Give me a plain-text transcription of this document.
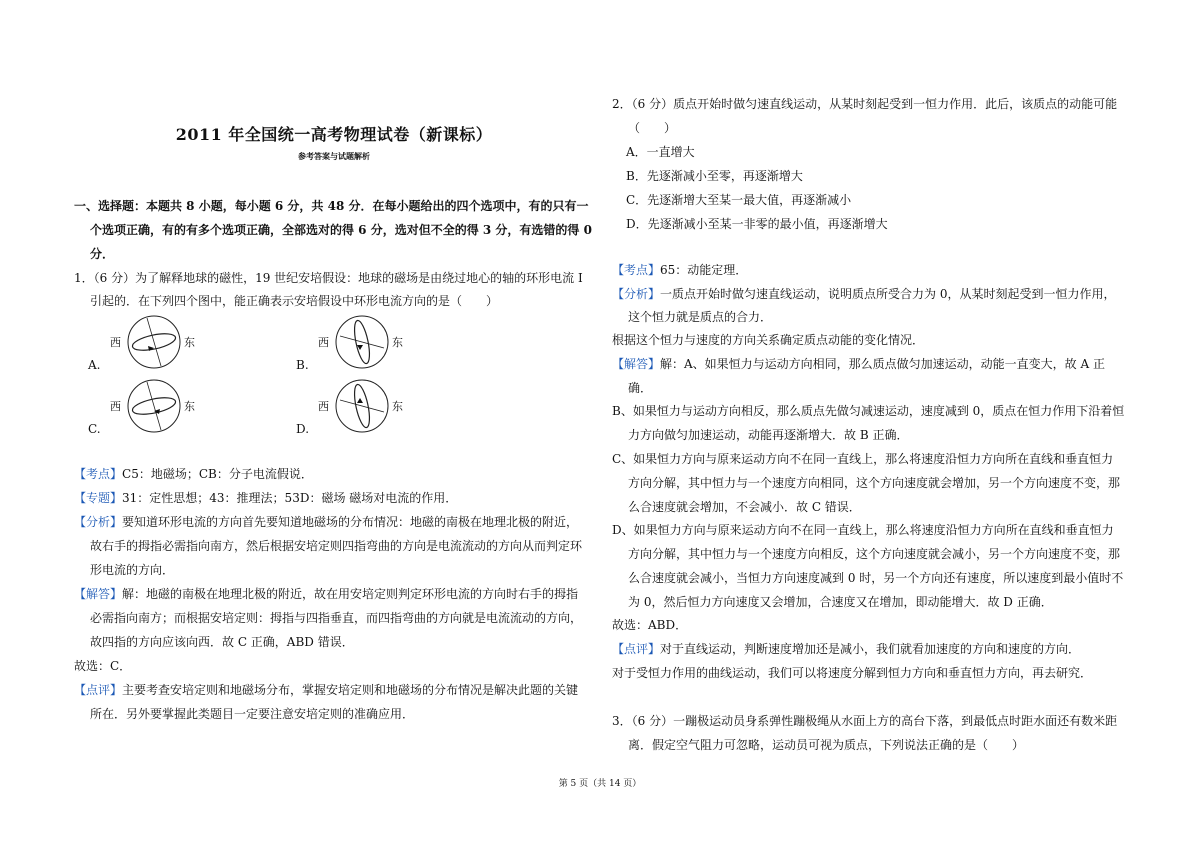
2011 年全国统一高考物理试卷（新课标）
参考答案与试题解析
一、选择题：本题共 8 小题，每小题 6 分，共 48 分．在每小题给出的四个选项中，有的只有一
个选项正确，有的有多个选项正确，全部选对的得 6 分，选对但不全的得 3 分，有选错的得 0
分．
1．（6 分）为了解释地球的磁性，19 世纪安培假设：地球的磁场是由绕过地心的轴的环形电流 I
引起的．在下列四个图中，能正确表示安培假设中环形电流方向的是（　　）
A.
西	东
B.
西	东
C.
西	东
D.
西	东
【考点】C5：地磁场；CB：分子电流假说．
【专题】31：定性思想；43：推理法；53D：磁场 磁场对电流的作用．
【分析】要知道环形电流的方向首先要知道地磁场的分布情况：地磁的南极在地理北极的附近，
故右手的拇指必需指向南方，然后根据安培定则四指弯曲的方向是电流流动的方向从而判定环
形电流的方向．
【解答】解：地磁的南极在地理北极的附近，故在用安培定则判定环形电流的方向时右手的拇指
必需指向南方；而根据安培定则：拇指与四指垂直，而四指弯曲的方向就是电流流动的方向，
故四指的方向应该向西．故 C 正确，ABD 错误．
故选：C．
【点评】主要考查安培定则和地磁场分布，掌握安培定则和地磁场的分布情况是解决此题的关键
所在．另外要掌握此类题目一定要注意安培定则的准确应用．
2．（6 分）质点开始时做匀速直线运动，从某时刻起受到一恒力作用．此后，该质点的动能可能
（　　）
A．一直增大
B．先逐渐减小至零，再逐渐增大
C．先逐渐增大至某一最大值，再逐渐减小
D．先逐渐减小至某一非零的最小值，再逐渐增大
【考点】65：动能定理．
【分析】一质点开始时做匀速直线运动，说明质点所受合力为 0，从某时刻起受到一恒力作用，
这个恒力就是质点的合力．
根据这个恒力与速度的方向关系确定质点动能的变化情况．
【解答】解：A、如果恒力与运动方向相同，那么质点做匀加速运动，动能一直变大，故 A 正
确．
B、如果恒力与运动方向相反，那么质点先做匀减速运动，速度减到 0，质点在恒力作用下沿着恒
力方向做匀加速运动，动能再逐渐增大．故 B 正确．
C、如果恒力方向与原来运动方向不在同一直线上，那么将速度沿恒力方向所在直线和垂直恒力
方向分解，其中恒力与一个速度方向相同，这个方向速度就会增加，另一个方向速度不变，那
么合速度就会增加，不会减小．故 C 错误．
D、如果恒力方向与原来运动方向不在同一直线上，那么将速度沿恒力方向所在直线和垂直恒力
方向分解，其中恒力与一个速度方向相反，这个方向速度就会减小，另一个方向速度不变，那
么合速度就会减小，当恒力方向速度减到 0 时，另一个方向还有速度，所以速度到最小值时不
为 0，然后恒力方向速度又会增加，合速度又在增加，即动能增大．故 D 正确．
故选：ABD．
【点评】对于直线运动，判断速度增加还是减小，我们就看加速度的方向和速度的方向．
对于受恒力作用的曲线运动，我们可以将速度分解到恒力方向和垂直恒力方向，再去研究．
3．（6 分）一蹦极运动员身系弹性蹦极绳从水面上方的高台下落，到最低点时距水面还有数米距
离．假定空气阻力可忽略，运动员可视为质点，下列说法正确的是（　　）
第 5 页（共 14 页）
